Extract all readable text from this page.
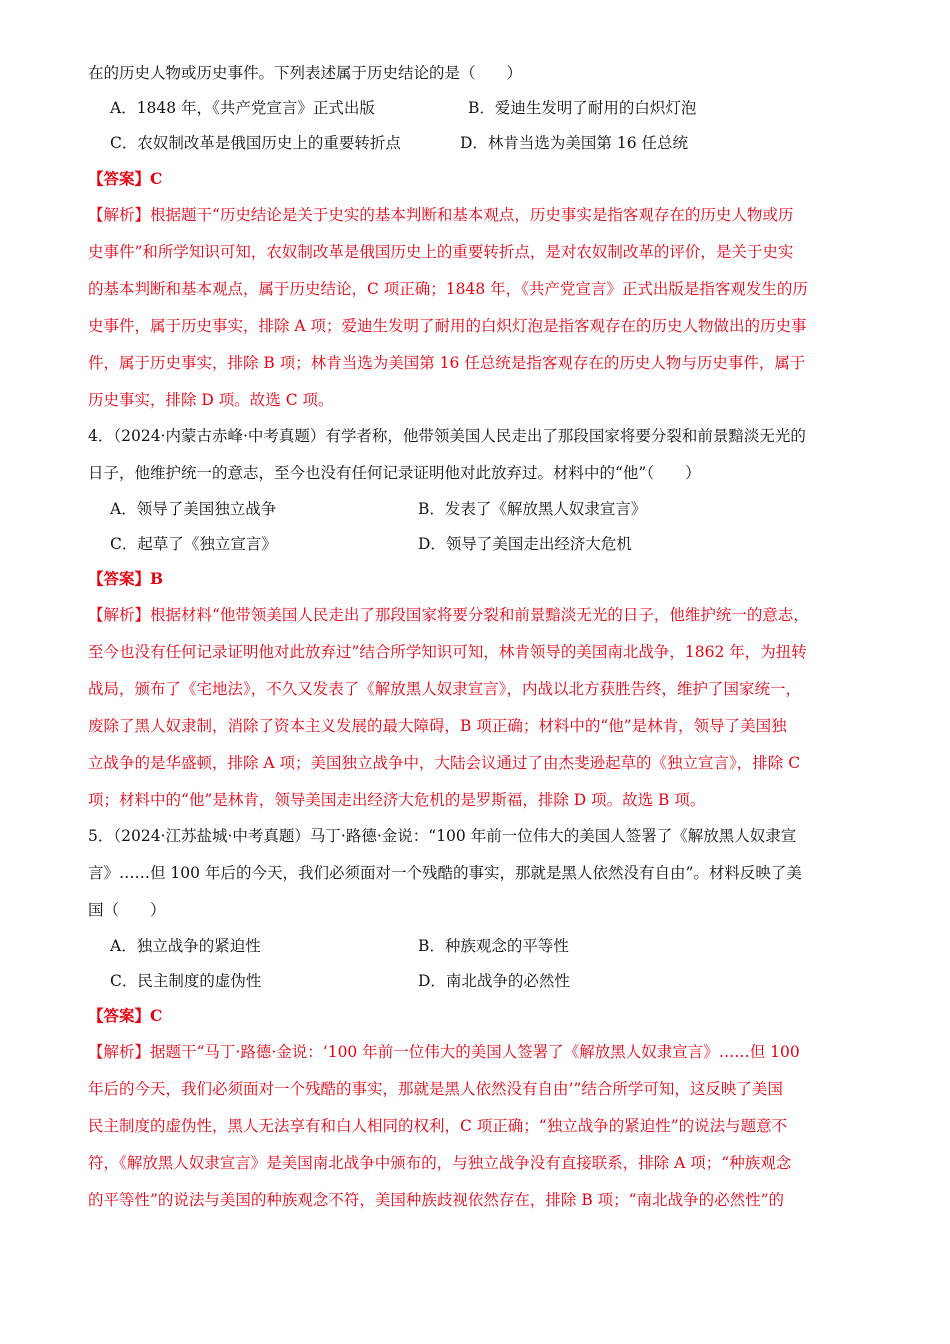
在的历史人物或历史事件。下列表述属于历史结论的是（　　）
A．1848 年，《共产党宣言》正式出版	B．爱迪生发明了耐用的白炽灯泡
C．农奴制改革是俄国历史上的重要转折点	D．林肯当选为美国第 16 任总统
【答案】C
【解析】根据题干“历史结论是关于史实的基本判断和基本观点，历史事实是指客观存在的历史人物或历
史事件”和所学知识可知，农奴制改革是俄国历史上的重要转折点，是对农奴制改革的评价，是关于史实
的基本判断和基本观点，属于历史结论，C 项正确；1848 年，《共产党宣言》正式出版是指客观发生的历
史事件，属于历史事实，排除 A 项；爱迪生发明了耐用的白炽灯泡是指客观存在的历史人物做出的历史事
件，属于历史事实，排除 B 项；林肯当选为美国第 16 任总统是指客观存在的历史人物与历史事件，属于
历史事实，排除 D 项。故选 C 项。
4．（2024·内蒙古赤峰·中考真题）有学者称，他带领美国人民走出了那段国家将要分裂和前景黯淡无光的
日子，他维护统一的意志，至今也没有任何记录证明他对此放弃过。材料中的“他”（　　）
A．领导了美国独立战争	B．发表了《解放黑人奴隶宣言》
C．起草了《独立宣言》	D．领导了美国走出经济大危机
【答案】B
【解析】根据材料“他带领美国人民走出了那段国家将要分裂和前景黯淡无光的日子，他维护统一的意志，
至今也没有任何记录证明他对此放弃过”结合所学知识可知，林肯领导的美国南北战争，1862 年，为扭转
战局，颁布了《宅地法》，不久又发表了《解放黑人奴隶宣言》，内战以北方获胜告终，维护了国家统一，
废除了黑人奴隶制，消除了资本主义发展的最大障碍，B 项正确；材料中的“他”是林肯，领导了美国独
立战争的是华盛顿，排除 A 项；美国独立战争中，大陆会议通过了由杰斐逊起草的《独立宣言》，排除 C
项；材料中的“他”是林肯，领导美国走出经济大危机的是罗斯福，排除 D 项。故选 B 项。
5．（2024·江苏盐城·中考真题）马丁·路德·金说：“100 年前一位伟大的美国人签署了《解放黑人奴隶宣
言》……但 100 年后的今天，我们必须面对一个残酷的事实，那就是黑人依然没有自由”。材料反映了美
国（　　）
A．独立战争的紧迫性	B．种族观念的平等性
C．民主制度的虚伪性	D．南北战争的必然性
【答案】C
【解析】据题干“马丁·路德·金说：‘100 年前一位伟大的美国人签署了《解放黑人奴隶宣言》……但 100
年后的今天，我们必须面对一个残酷的事实，那就是黑人依然没有自由’”结合所学可知，这反映了美国
民主制度的虚伪性，黑人无法享有和白人相同的权利，C 项正确；“独立战争的紧迫性”的说法与题意不
符，《解放黑人奴隶宣言》是美国南北战争中颁布的，与独立战争没有直接联系，排除 A 项；“种族观念
的平等性”的说法与美国的种族观念不符，美国种族歧视依然存在，排除 B 项；“南北战争的必然性”的
